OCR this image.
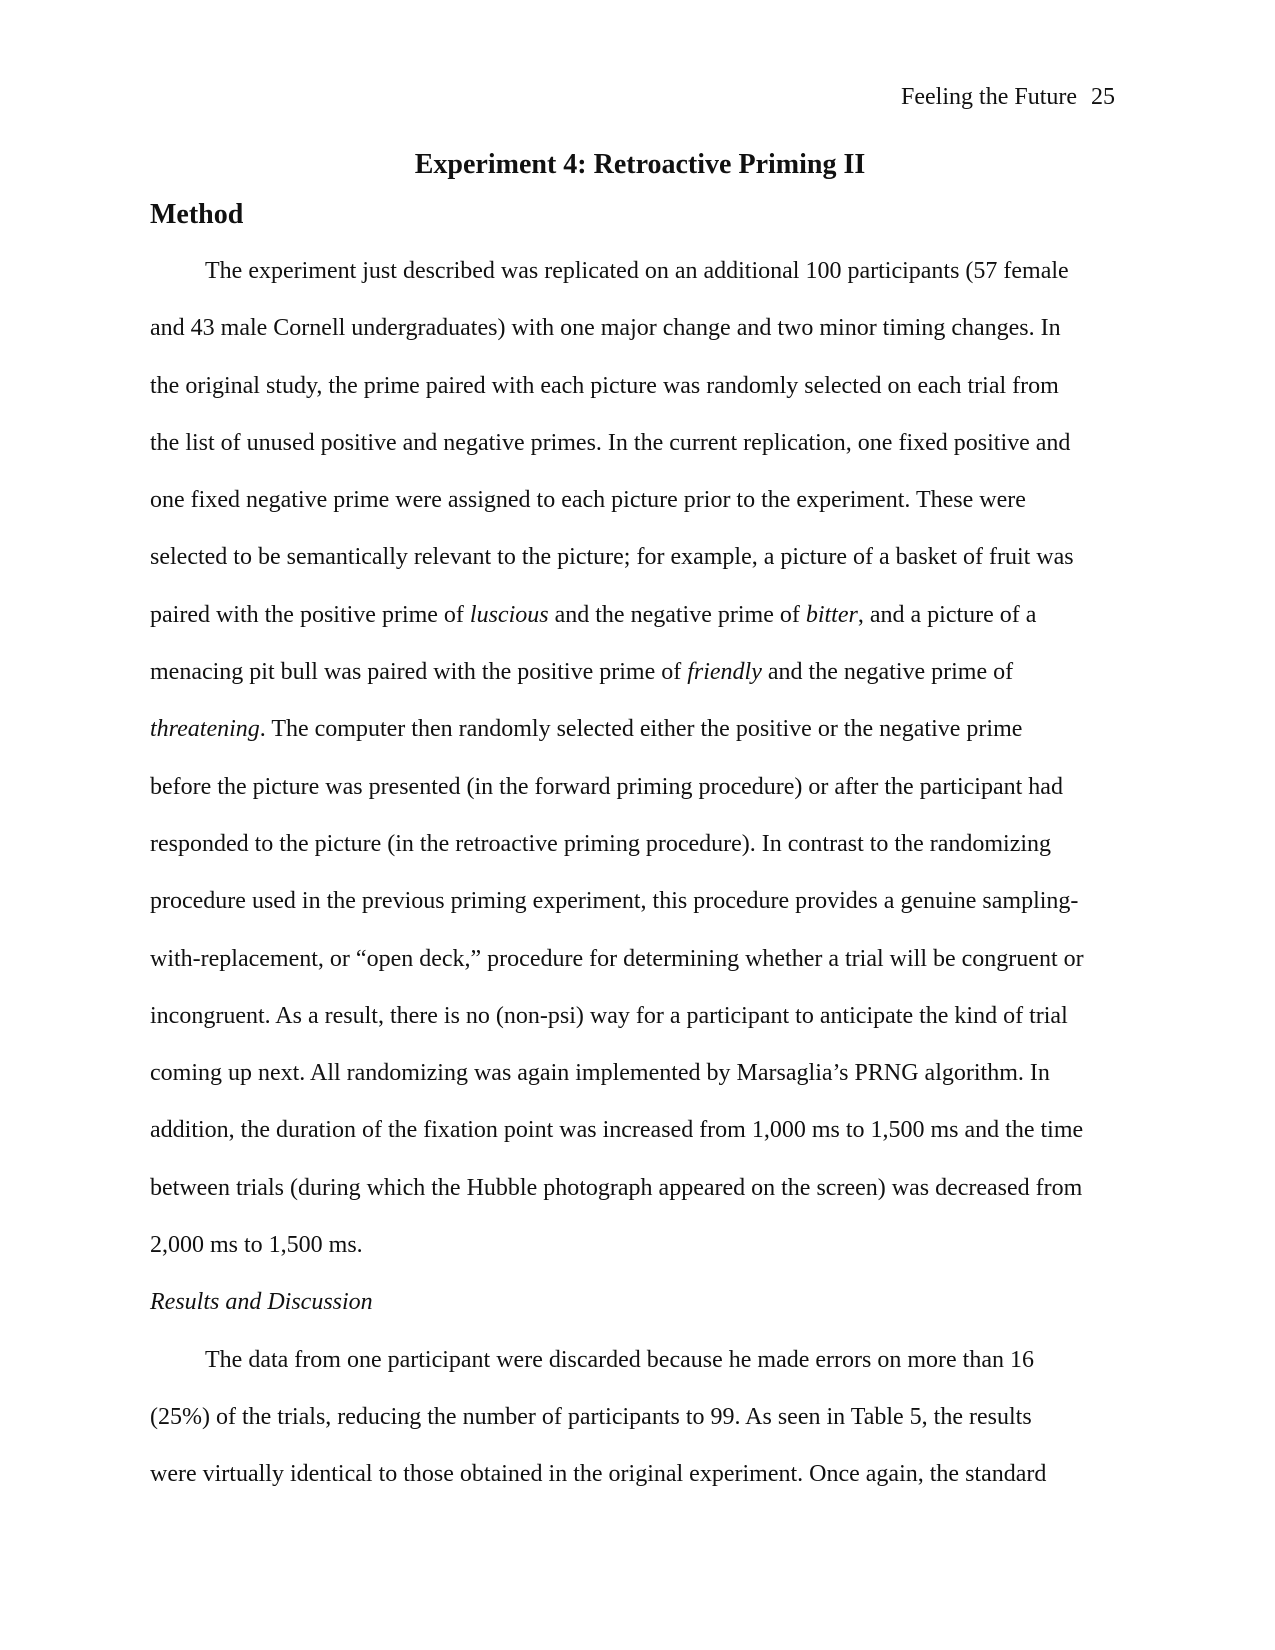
Feeling the Future 25
Experiment 4: Retroactive Priming II
Method
The experiment just described was replicated on an additional 100 participants (57 female
and 43 male Cornell undergraduates) with one major change and two minor timing changes. In
the original study, the prime paired with each picture was randomly selected on each trial from
the list of unused positive and negative primes. In the current replication, one fixed positive and
one fixed negative prime were assigned to each picture prior to the experiment. These were
selected to be semantically relevant to the picture; for example, a picture of a basket of fruit was
paired with the positive prime of luscious and the negative prime of bitter, and a picture of a
menacing pit bull was paired with the positive prime of friendly and the negative prime of
threatening. The computer then randomly selected either the positive or the negative prime
before the picture was presented (in the forward priming procedure) or after the participant had
responded to the picture (in the retroactive priming procedure). In contrast to the randomizing
procedure used in the previous priming experiment, this procedure provides a genuine sampling-
with-replacement, or “open deck,” procedure for determining whether a trial will be congruent or
incongruent. As a result, there is no (non-psi) way for a participant to anticipate the kind of trial
coming up next. All randomizing was again implemented by Marsaglia’s PRNG algorithm. In
addition, the duration of the fixation point was increased from 1,000 ms to 1,500 ms and the time
between trials (during which the Hubble photograph appeared on the screen) was decreased from
2,000 ms to 1,500 ms.

Results and Discussion

The data from one participant were discarded because he made errors on more than 16
(25%) of the trials, reducing the number of participants to 99. As seen in Table 5, the results
were virtually identical to those obtained in the original experiment. Once again, the standard
